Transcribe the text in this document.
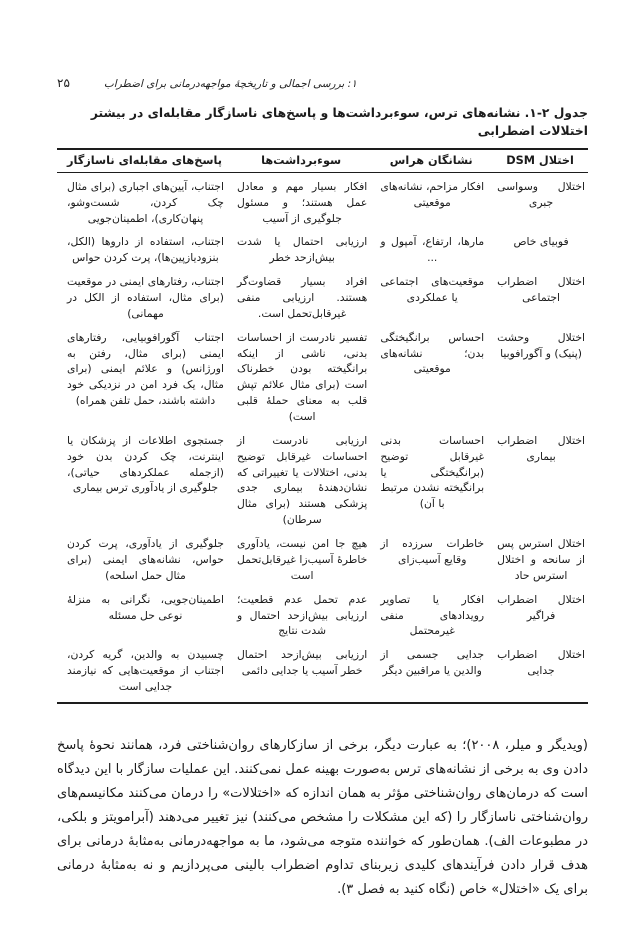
۱: بررسی اجمالی و تاریخچهٔ مواجهه‌درمانی برای اضطراب
۲۵
جدول ۲-۱. نشانه‌های ترس، سوءبرداشت‌ها و پاسخ‌های ناسازگار مقابله‌ای در بیشتر اختلالات اضطرابی
اختلال DSM	نشانگان هراس	سوءبرداشت‌ها	پاسخ‌های مقابله‌ای ناسازگار
اختلال وسواسی جبری	افکار مزاحم، نشانه‌های موقعیتی	افکار بسیار مهم و معادل عمل هستند؛ و مسئول جلوگیری از آسیب	اجتناب، آیین‌های اجباری (برای مثال چک کردن، شست‌وشو، پنهان‌کاری)، اطمینان‌جویی
فوبیای خاص	مارها، ارتفاع، آمپول و ...	ارزیابی احتمال یا شدت بیش‌ازحد خطر	اجتناب، استفاده از داروها (الکل، بنزودیازپین‌ها)، پرت کردن حواس
اختلال اضطراب اجتماعی	موقعیت‌های اجتماعی یا عملکردی	افراد بسیار قضاوت‌گر هستند. ارزیابی منفی غیرقابل‌تحمل است.	اجتناب، رفتارهای ایمنی در موقعیت (برای مثال، استفاده از الکل در مهمانی)
اختلال وحشت (پنیک) و آگورافوبیا	احساس برانگیختگی بدن؛ نشانه‌های موقعیتی	تفسیر نادرست از احساسات بدنی، ناشی از اینکه برانگیخته بودن خطرناک است (برای مثال علائم تپش قلب به معنای حملهٔ قلبی است)	اجتناب آگورافوبیایی، رفتارهای ایمنی (برای مثال، رفتن به اورژانس) و علائم ایمنی (برای مثال، یک فرد امن در نزدیکی خود داشته باشند، حمل تلفن همراه)
اختلال اضطراب بیماری	احساسات بدنی غیرقابل توضیح (برانگیختگی یا برانگیخته نشدن مرتبط با آن)	ارزیابی نادرست از احساسات غیرقابل توضیح بدنی، اختلالات یا تغییراتی که نشان‌دهندهٔ بیماری جدی پزشکی هستند (برای مثال سرطان)	جستجوی اطلاعات از پزشکان یا اینترنت، چک کردن بدن خود (ازجمله عملکردهای حیاتی)، جلوگیری از یادآوری ترس بیماری
اختلال استرس پس از سانحه و اختلال استرس حاد	خاطرات سرزده از وقایع آسیب‌زای	هیچ جا امن نیست، یادآوری خاطرهٔ آسیب‌زا غیرقابل‌تحمل است	جلوگیری از یادآوری، پرت کردن حواس، نشانه‌های ایمنی (برای مثال حمل اسلحه)
اختلال اضطراب فراگیر	افکار یا تصاویر رویدادهای منفی غیرمحتمل	عدم تحمل عدم قطعیت؛ ارزیابی بیش‌ازحد احتمال و شدت نتایج	اطمینان‌جویی، نگرانی به منزلهٔ نوعی حل مسئله
اختلال اضطراب جدایی	جدایی جسمی از والدین یا مراقبین دیگر	ارزیابی بیش‌ازحد احتمال خطر آسیب یا جدایی دائمی	چسبیدن به والدین، گریه کردن، اجتناب از موقعیت‌هایی که نیازمند جدایی است

(ویدیگر و میلر، ۲۰۰۸)؛ به عبارت دیگر، برخی از سازکارهای روان‌شناختی فرد، همانند نحوهٔ پاسخ دادن وی به برخی از نشانه‌های ترس به‌صورت بهینه عمل نمی‌کنند. این عملیات سازگار با این دیدگاه است که درمان‌های روان‌شناختی مؤثر به همان اندازه که «اختلالات» را درمان می‌کنند مکانیسم‌های روان‌شناختی ناسازگار را (که این مشکلات را مشخص می‌کنند) نیز تغییر می‌دهند (آبرامویتز و بلکی، در مطبوعات الف). همان‌طور که خواننده متوجه می‌شود، ما به مواجهه‌درمانی به‌مثابهٔ درمانی برای هدف قرار دادن فرآیندهای کلیدی زیربنای تداوم اضطراب بالینی می‌پردازیم و نه به‌مثابهٔ درمانی برای یک «اختلال» خاص (نگاه کنید به فصل ۳).
